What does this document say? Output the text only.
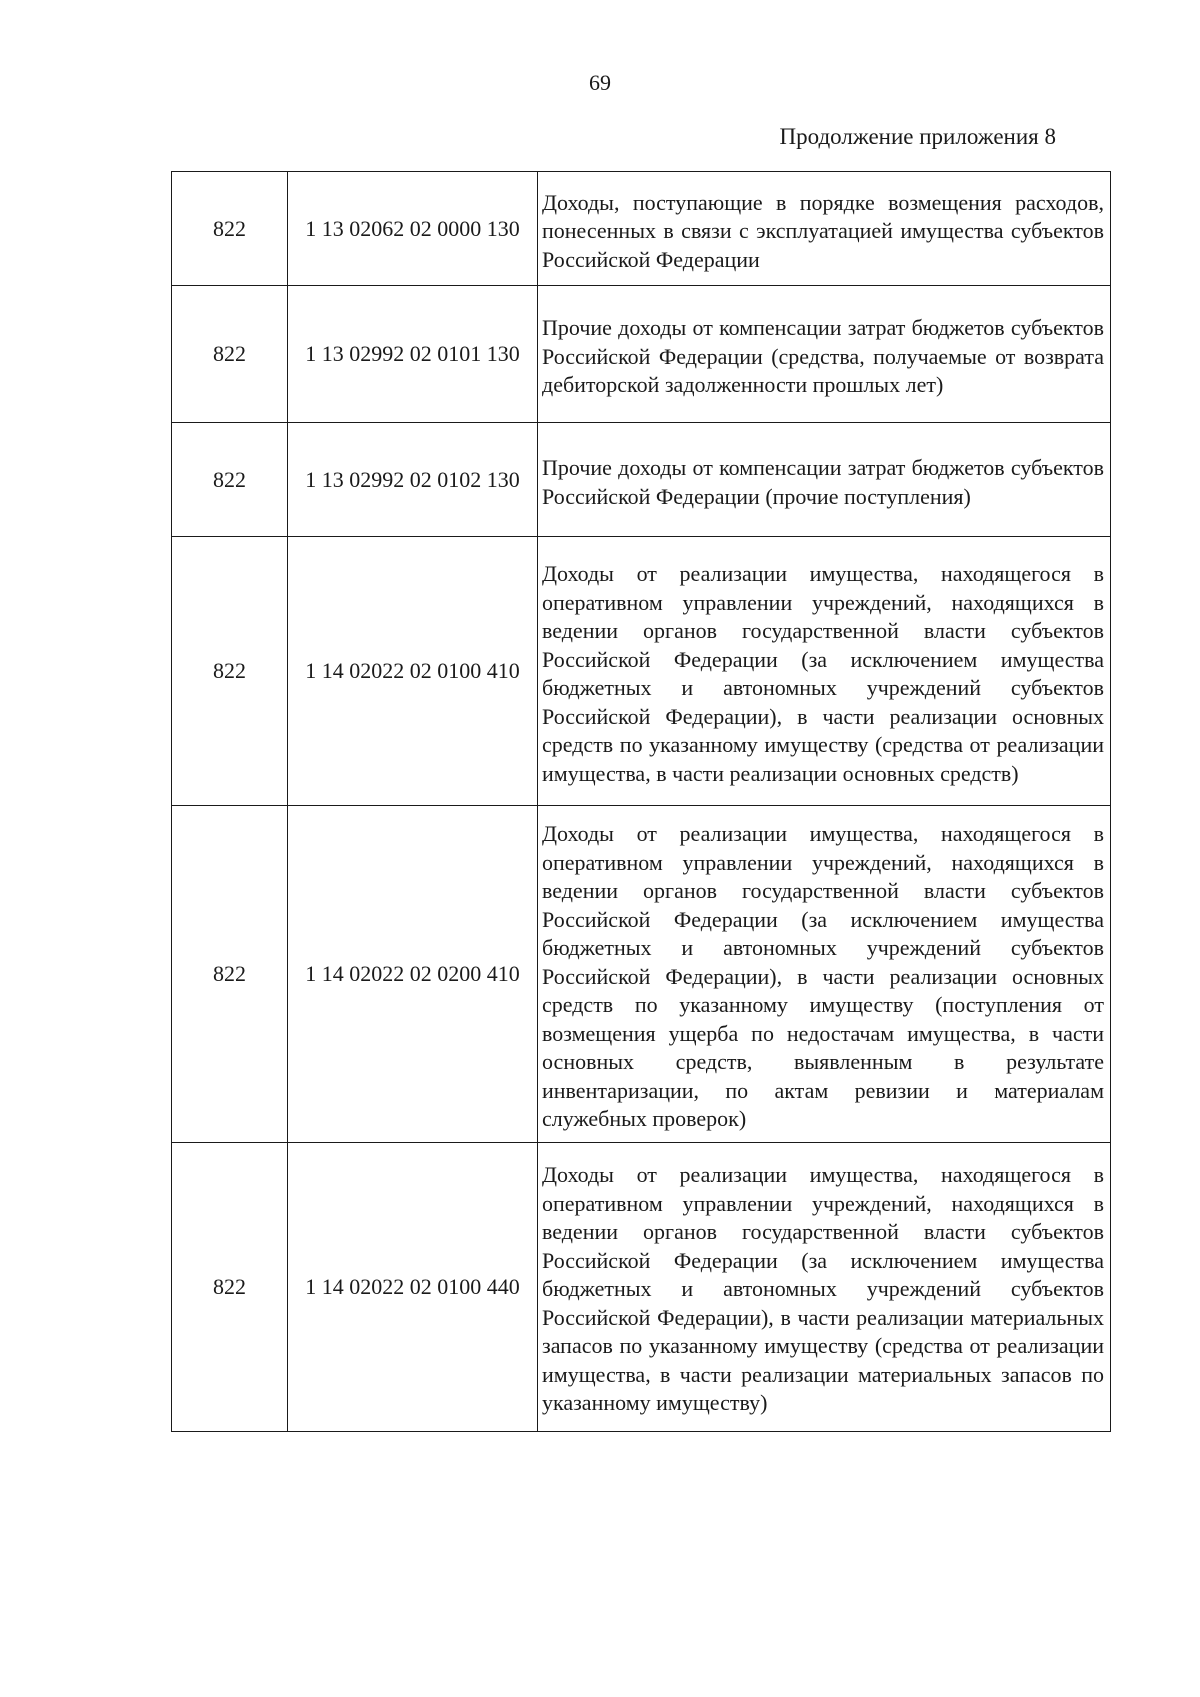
69
Продолжение приложения 8
822	1 13 02062 02 0000 130	Доходы, поступающие в порядке возмещения расходов, понесенных в связи с эксплуатацией имущества субъектов Российской Федерации
822	1 13 02992 02 0101 130	Прочие доходы от компенсации затрат бюджетов субъектов Российской Федерации (средства, получаемые от возврата дебиторской задолженности прошлых лет)
822	1 13 02992 02 0102 130	Прочие доходы от компенсации затрат бюджетов субъектов Российской Федерации (прочие поступления)
822	1 14 02022 02 0100 410	Доходы от реализации имущества, находящегося в оперативном управлении учреждений, находящихся в ведении органов государственной власти субъектов Российской Федерации (за исключением имущества бюджетных и автономных учреждений субъектов Российской Федерации), в части реализации основных средств по указанному имуществу (средства от реализации имущества, в части реализации основных средств)
822	1 14 02022 02 0200 410	Доходы от реализации имущества, находящегося в оперативном управлении учреждений, находящихся в ведении органов государственной власти субъектов Российской Федерации (за исключением имущества бюджетных и автономных учреждений субъектов Российской Федерации), в части реализации основных средств по указанному имуществу (поступления от возмещения ущерба по недостачам имущества, в части основных средств, выявленным в результате инвентаризации, по актам ревизии и материалам служебных проверок)
822	1 14 02022 02 0100 440	Доходы от реализации имущества, находящегося в оперативном управлении учреждений, находящихся в ведении органов государственной власти субъектов Российской Федерации (за исключением имущества бюджетных и автономных учреждений субъектов Российской Федерации), в части реализации материальных запасов по указанному имуществу (средства от реализации имущества, в части реализации материальных запасов по указанному имуществу)
